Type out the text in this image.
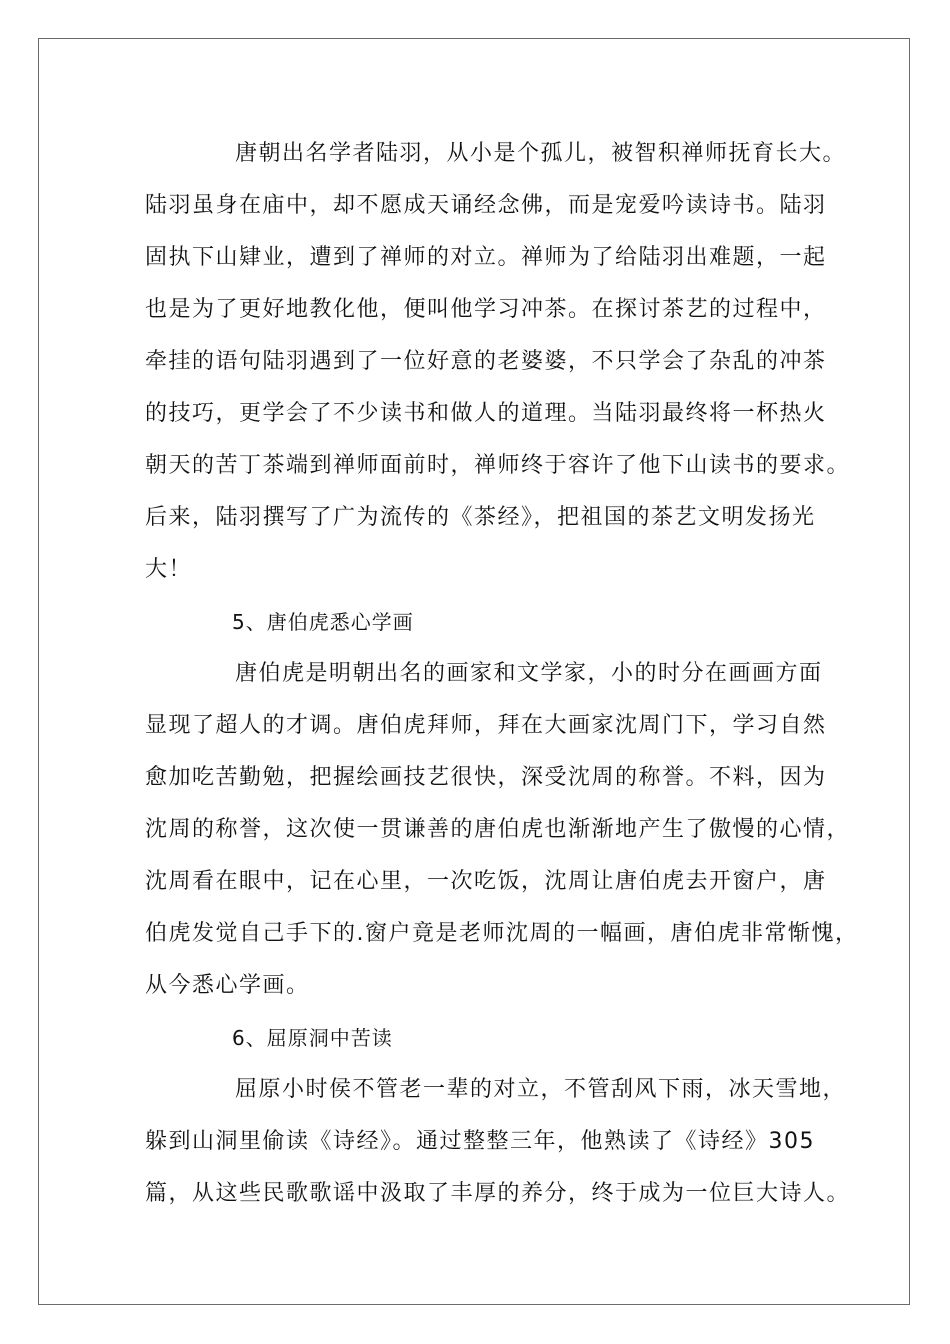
唐朝出名学者陆羽，从小是个孤儿，被智积禅师抚育长大。
陆羽虽身在庙中，却不愿成天诵经念佛，而是宠爱吟读诗书。陆羽
固执下山肄业，遭到了禅师的对立。禅师为了给陆羽出难题，一起
也是为了更好地教化他，便叫他学习冲茶。在探讨茶艺的过程中，
牵挂的语句陆羽遇到了一位好意的老婆婆，不只学会了杂乱的冲茶
的技巧，更学会了不少读书和做人的道理。当陆羽最终将一杯热火
朝天的苦丁茶端到禅师面前时，禅师终于容许了他下山读书的要求。
后来，陆羽撰写了广为流传的《茶经》，把祖国的茶艺文明发扬光
大！
5、唐伯虎悉心学画
唐伯虎是明朝出名的画家和文学家，小的时分在画画方面
显现了超人的才调。唐伯虎拜师，拜在大画家沈周门下，学习自然
愈加吃苦勤勉，把握绘画技艺很快，深受沈周的称誉。不料，因为
沈周的称誉，这次使一贯谦善的唐伯虎也渐渐地产生了傲慢的心情，
沈周看在眼中，记在心里，一次吃饭，沈周让唐伯虎去开窗户，唐
伯虎发觉自己手下的.窗户竟是老师沈周的一幅画，唐伯虎非常惭愧，
从今悉心学画。
6、屈原洞中苦读
屈原小时侯不管老一辈的对立，不管刮风下雨，冰天雪地，
躲到山洞里偷读《诗经》。通过整整三年，他熟读了《诗经》305
篇，从这些民歌歌谣中汲取了丰厚的养分，终于成为一位巨大诗人。
